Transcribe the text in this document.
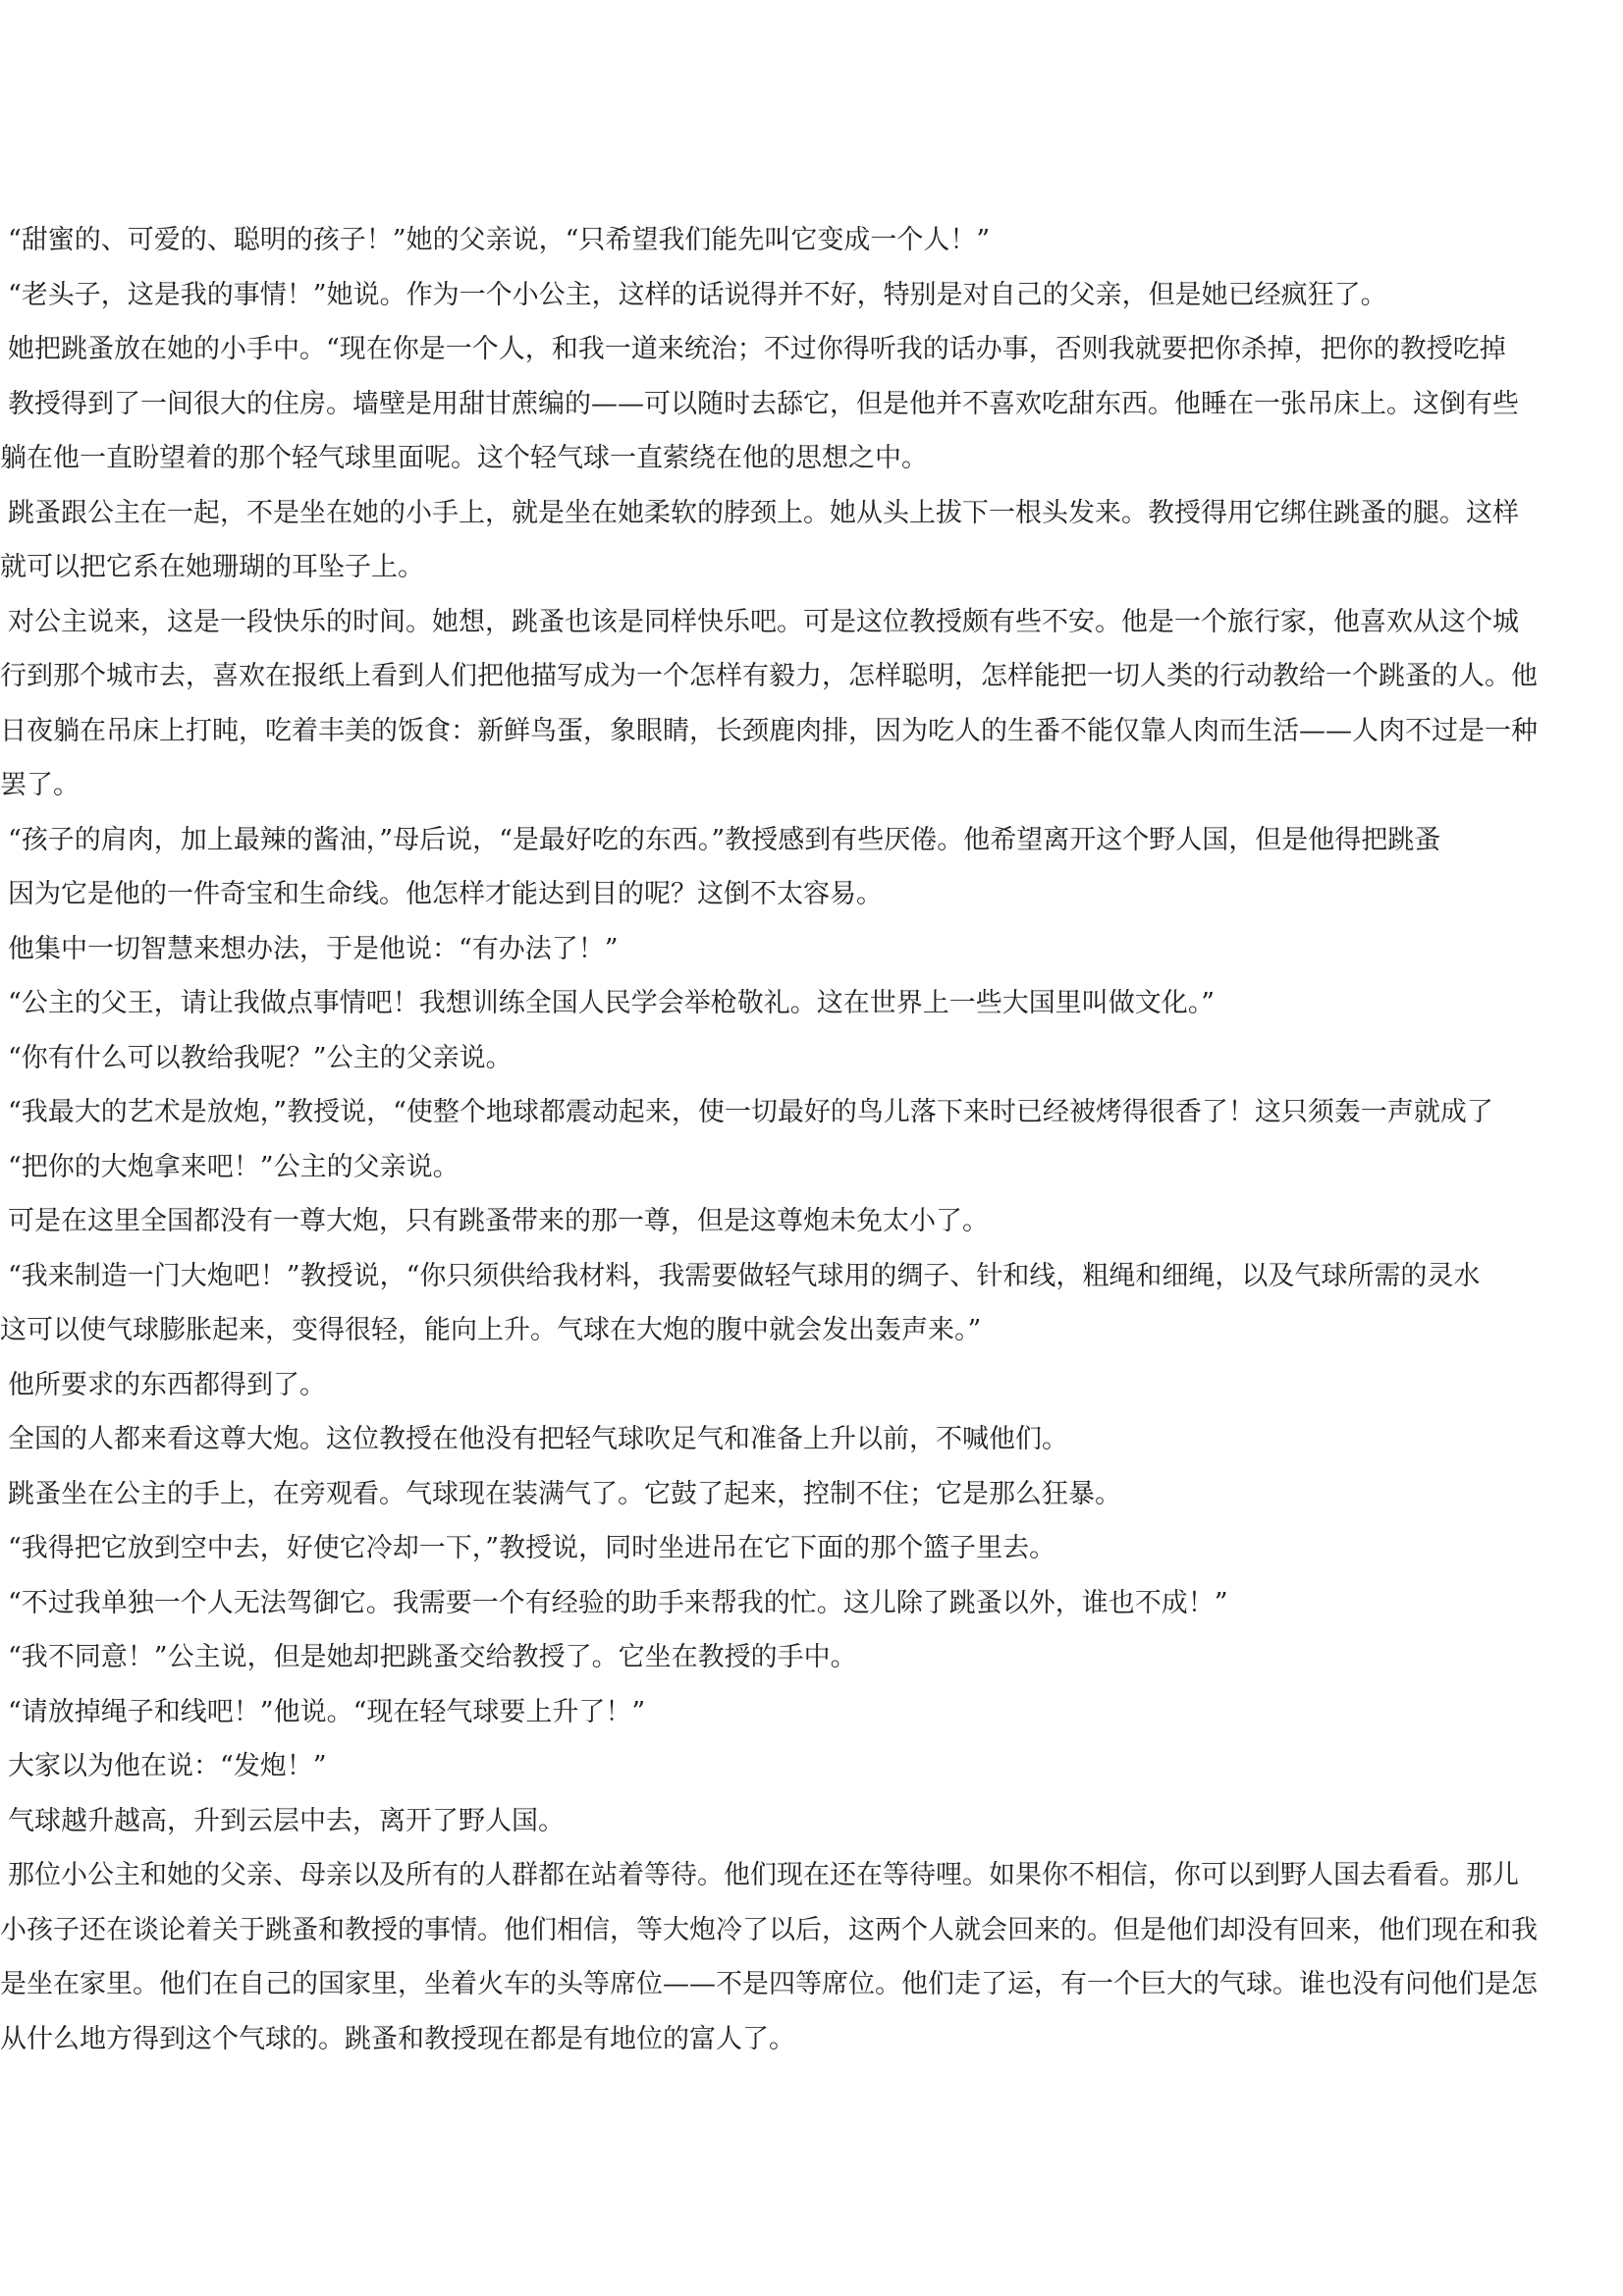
“甜蜜的、可爱的、聪明的孩子！”她的父亲说，“只希望我们能先叫它变成一个人！”
“老头子，这是我的事情！”她说。作为一个小公主，这样的话说得并不好，特别是对自己的父亲，但是她已经疯狂了。
她把跳蚤放在她的小手中。“现在你是一个人，和我一道来统治；不过你得听我的话办事，否则我就要把你杀掉，把你的教授吃掉
教授得到了一间很大的住房。墙壁是用甜甘蔗编的——可以随时去舔它，但是他并不喜欢吃甜东西。他睡在一张吊床上。这倒有些
躺在他一直盼望着的那个轻气球里面呢。这个轻气球一直萦绕在他的思想之中。
跳蚤跟公主在一起，不是坐在她的小手上，就是坐在她柔软的脖颈上。她从头上拔下一根头发来。教授得用它绑住跳蚤的腿。这样
就可以把它系在她珊瑚的耳坠子上。
对公主说来，这是一段快乐的时间。她想，跳蚤也该是同样快乐吧。可是这位教授颇有些不安。他是一个旅行家，他喜欢从这个城
行到那个城市去，喜欢在报纸上看到人们把他描写成为一个怎样有毅力，怎样聪明，怎样能把一切人类的行动教给一个跳蚤的人。他
日夜躺在吊床上打盹，吃着丰美的饭食：新鲜鸟蛋，象眼睛，长颈鹿肉排，因为吃人的生番不能仅靠人肉而生活——人肉不过是一种
罢了。
“孩子的肩肉，加上最辣的酱油，”母后说，“是最好吃的东西。”教授感到有些厌倦。他希望离开这个野人国，但是他得把跳蚤
因为它是他的一件奇宝和生命线。他怎样才能达到目的呢？这倒不太容易。
他集中一切智慧来想办法，于是他说：“有办法了！”
“公主的父王，请让我做点事情吧！我想训练全国人民学会举枪敬礼。这在世界上一些大国里叫做文化。”
“你有什么可以教给我呢？”公主的父亲说。
“我最大的艺术是放炮，”教授说，“使整个地球都震动起来，使一切最好的鸟儿落下来时已经被烤得很香了！这只须轰一声就成了
“把你的大炮拿来吧！”公主的父亲说。
可是在这里全国都没有一尊大炮，只有跳蚤带来的那一尊，但是这尊炮未免太小了。
“我来制造一门大炮吧！”教授说，“你只须供给我材料，我需要做轻气球用的绸子、针和线，粗绳和细绳，以及气球所需的灵水
这可以使气球膨胀起来，变得很轻，能向上升。气球在大炮的腹中就会发出轰声来。”
他所要求的东西都得到了。
全国的人都来看这尊大炮。这位教授在他没有把轻气球吹足气和准备上升以前，不喊他们。
跳蚤坐在公主的手上，在旁观看。气球现在装满气了。它鼓了起来，控制不住；它是那么狂暴。
“我得把它放到空中去，好使它冷却一下，”教授说，同时坐进吊在它下面的那个篮子里去。
“不过我单独一个人无法驾御它。我需要一个有经验的助手来帮我的忙。这儿除了跳蚤以外，谁也不成！”
“我不同意！”公主说，但是她却把跳蚤交给教授了。它坐在教授的手中。
“请放掉绳子和线吧！”他说。“现在轻气球要上升了！”
大家以为他在说：“发炮！”
气球越升越高，升到云层中去，离开了野人国。
那位小公主和她的父亲、母亲以及所有的人群都在站着等待。他们现在还在等待哩。如果你不相信，你可以到野人国去看看。那儿
小孩子还在谈论着关于跳蚤和教授的事情。他们相信，等大炮冷了以后，这两个人就会回来的。但是他们却没有回来，他们现在和我
是坐在家里。他们在自己的国家里，坐着火车的头等席位——不是四等席位。他们走了运，有一个巨大的气球。谁也没有问他们是怎
从什么地方得到这个气球的。跳蚤和教授现在都是有地位的富人了。
